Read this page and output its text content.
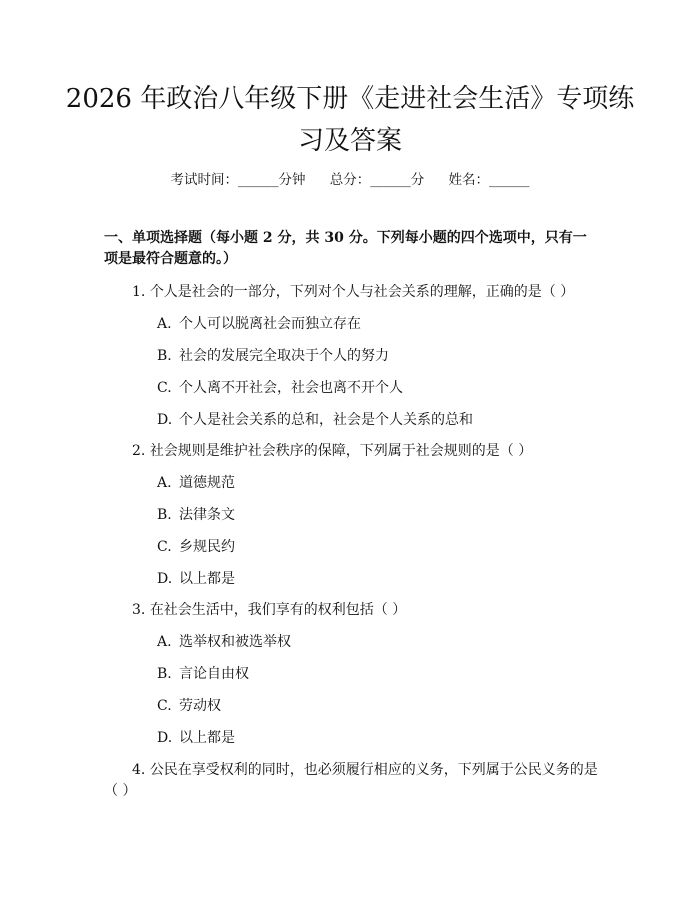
2026 年政治八年级下册《走进社会生活》专项练习及答案
考试时间：______分钟 总分：______分 姓名：______
一、单项选择题（每小题 2 分，共 30 分。下列每小题的四个选项中，只有一项是最符合题意的。）
1. 个人是社会的一部分，下列对个人与社会关系的理解，正确的是（ ）
A. 个人可以脱离社会而独立存在
B. 社会的发展完全取决于个人的努力
C. 个人离不开社会，社会也离不开个人
D. 个人是社会关系的总和，社会是个人关系的总和
2. 社会规则是维护社会秩序的保障，下列属于社会规则的是（ ）
A. 道德规范
B. 法律条文
C. 乡规民约
D. 以上都是
3. 在社会生活中，我们享有的权利包括（ ）
A. 选举权和被选举权
B. 言论自由权
C. 劳动权
D. 以上都是
4. 公民在享受权利的同时，也必须履行相应的义务，下列属于公民义务的是（ ）
